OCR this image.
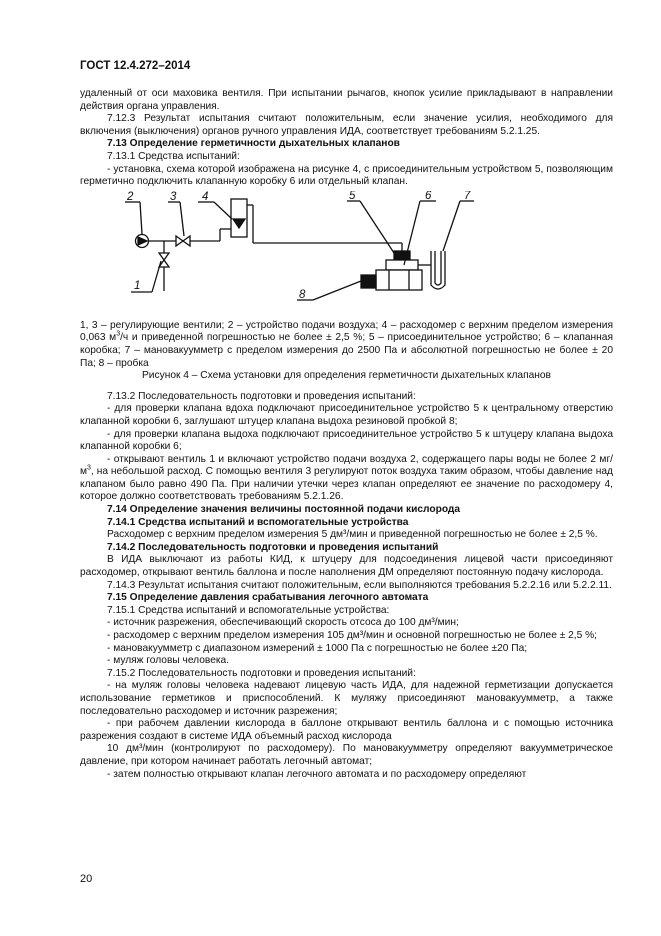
ГОСТ 12.4.272–2014

удаленный от оси маховика вентиля. При испытании рычагов, кнопок усилие прикладывают в направлении действия органа управления.

7.12.3 Результат испытания считают положительным, если значение усилия, необходимого для включения (выключения) органов ручного управления ИДА, соответствует требованиям 5.2.1.25.

7.13 Определение герметичности дыхательных клапанов

7.13.1 Средства испытаний:

- установка, схема которой изображена на рисунке 4, с присоединительным устройством 5, позволяющим герметично подключить клапанную коробку 6 или отдельный клапан.

2	3 4
1
5	6	7
8

1, 3 – регулирующие вентили; 2 – устройство подачи воздуха; 4 – расходомер с верхним пределом измерения 0,063 $м^3/ч$ и приведенной погрешностью не более ± 2,5 %; 5 – присоединительное устройство; 6 – клапанная коробка; 7 – мановакуумметр с пределом измерения до 2500 Па и абсолютной погрешностью не более ± 20 Па; 8 – пробка

Рисунок 4 – Схема установки для определения герметичности дыхательных клапанов

7.13.2 Последовательность подготовки и проведения испытаний:

- для проверки клапана вдоха подключают присоединительное устройство 5 к центральному отверстию клапанной коробки 6, заглушают штуцер клапана выдоха резиновой пробкой 8;

- для проверки клапана выдоха подключают присоединительное устройство 5 к штуцеру клапана выдоха клапанной коробки 6;

- открывают вентиль 1 и включают устройство подачи воздуха 2, содержащего пары воды не более 2 $мг/м^3$, на небольшой расход. С помощью вентиля 3 регулируют поток воздуха таким образом, чтобы давление над клапаном было равно 490 Па. При наличии утечки через клапан определяют ее значение по расходомеру 4, которое должно соответствовать требованиям 5.2.1.26.

7.14 Определение значения величины постоянной подачи кислорода

7.14.1 Средства испытаний и вспомогательные устройства

Расходомер с верхним пределом измерения 5 дм³/мин и приведенной погрешностью не более ± 2,5 %.

7.14.2 Последовательность подготовки и проведения испытаний

В ИДА выключают из работы КИД, к штуцеру для подсоединения лицевой части присоединяют расходомер, открывают вентиль баллона и после наполнения ДМ определяют постоянную подачу кислорода.

7.14.3 Результат испытания считают положительным, если выполняются требования 5.2.2.16 или 5.2.2.11.

7.15 Определение давления срабатывания легочного автомата

7.15.1 Средства испытаний и вспомогательные устройства:

- источник разрежения, обеспечивающий скорость отсоса до 100 дм³/мин;

- расходомер с верхним пределом измерения 105 дм³/мин и основной погрешностью не более ± 2,5 %;

- мановакуумметр с диапазоном измерений ± 1000 Па с погрешностью не более ±20 Па;

- муляж головы человека.

7.15.2 Последовательность подготовки и проведения испытаний:

- на муляж головы человека надевают лицевую часть ИДА, для надежной герметизации допускается использование герметиков и приспособлений. К муляжу присоединяют мановакуумметр, а также последовательно расходомер и источник разрежения;

- при рабочем давлении кислорода в баллоне открывают вентиль баллона и с помощью источника разрежения создают в системе ИДА объемный расход кислорода

10 дм³/мин (контролируют по расходомеру). По мановакуумметру определяют вакуумметрическое давление, при котором начинает работать легочный автомат;

- затем полностью открывают клапан легочного автомата и по расходомеру определяют

20
